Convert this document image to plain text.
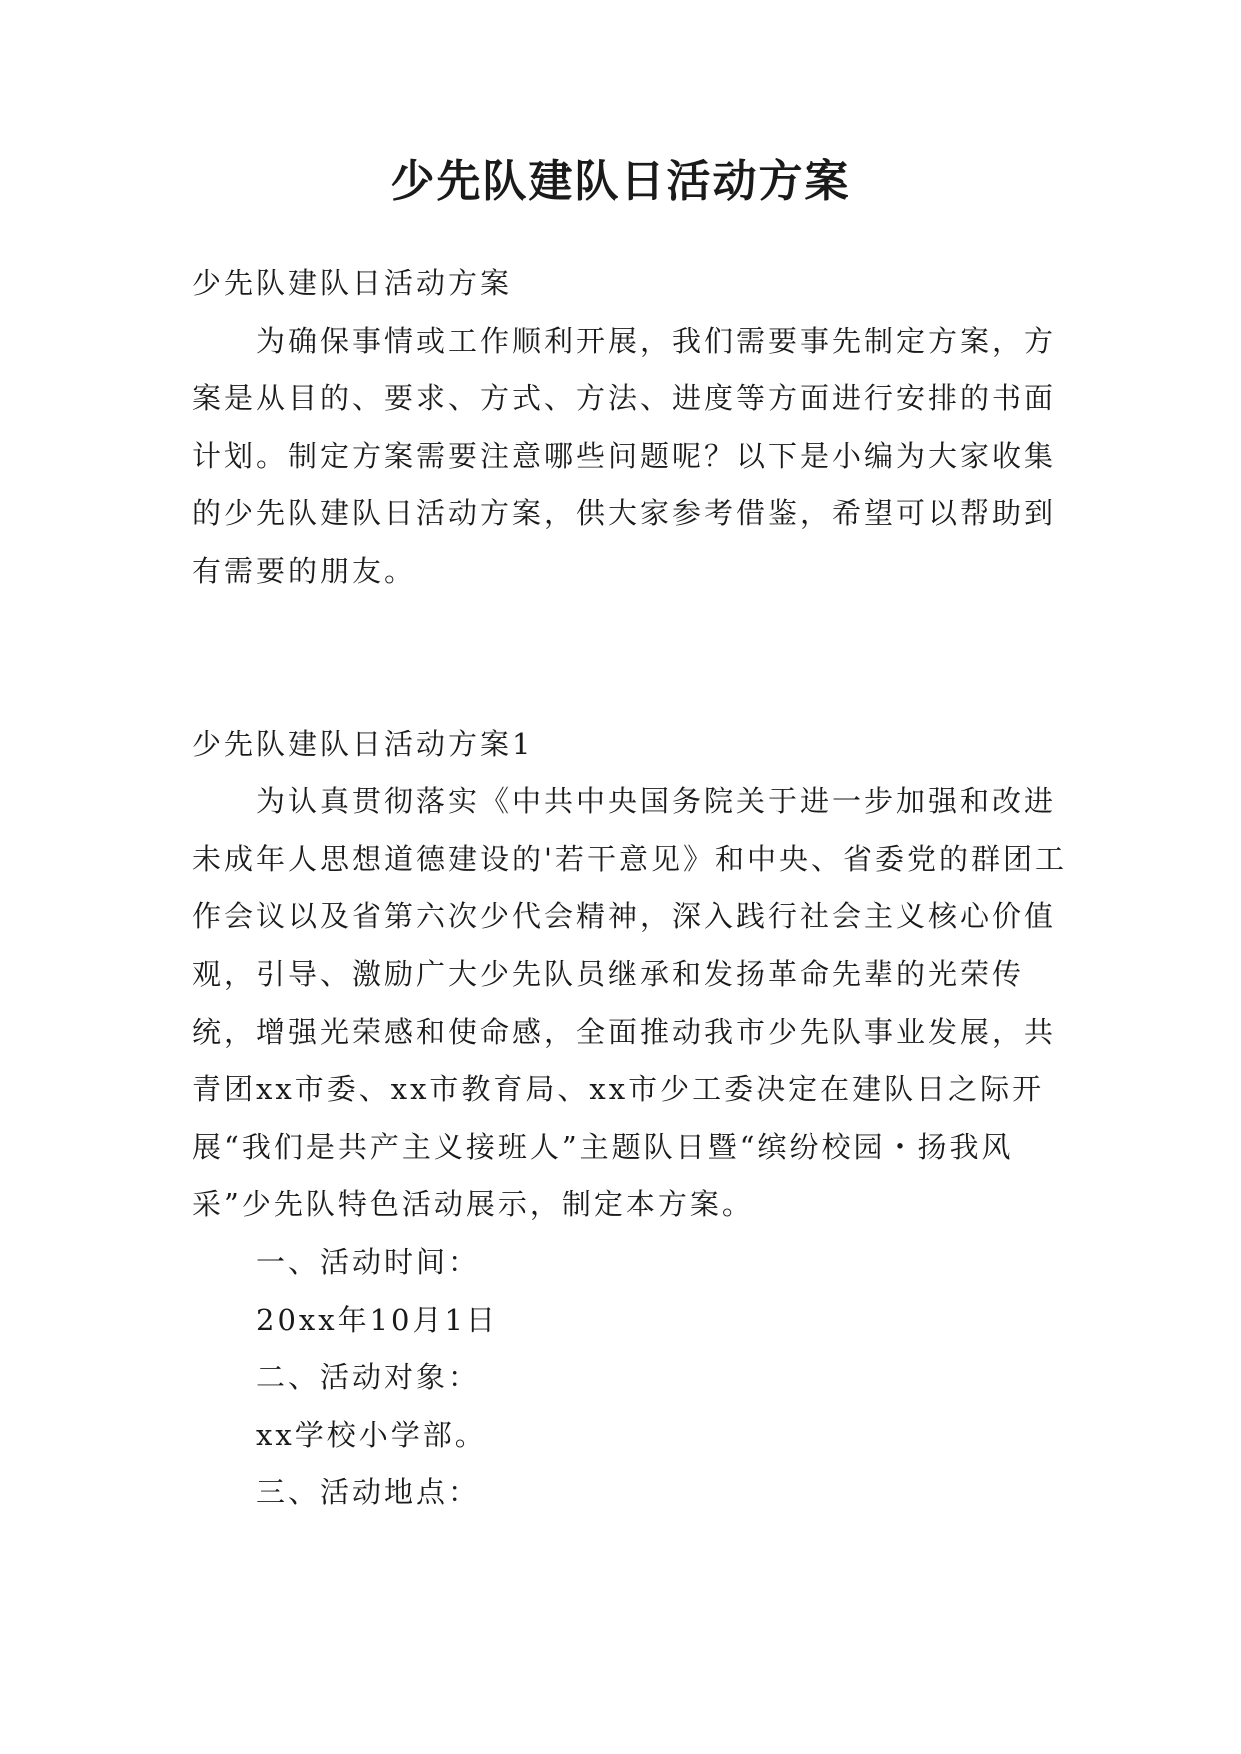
少先队建队日活动方案

少先队建队日活动方案

为确保事情或工作顺利开展，我们需要事先制定方案，方案是从目的、要求、方式、方法、进度等方面进行安排的书面计划。制定方案需要注意哪些问题呢？以下是小编为大家收集的少先队建队日活动方案，供大家参考借鉴，希望可以帮助到有需要的朋友。

少先队建队日活动方案1

为认真贯彻落实《中共中央国务院关于进一步加强和改进未成年人思想道德建设的'若干意见》和中央、省委党的群团工作会议以及省第六次少代会精神，深入践行社会主义核心价值观，引导、激励广大少先队员继承和发扬革命先辈的光荣传统，增强光荣感和使命感，全面推动我市少先队事业发展，共青团xx市委、xx市教育局、xx市少工委决定在建队日之际开展“我们是共产主义接班人”主题队日暨“缤纷校园・扬我风采”少先队特色活动展示，制定本方案。

一、活动时间：

20xx年10月1日

二、活动对象：

xx学校小学部。

三、活动地点：
